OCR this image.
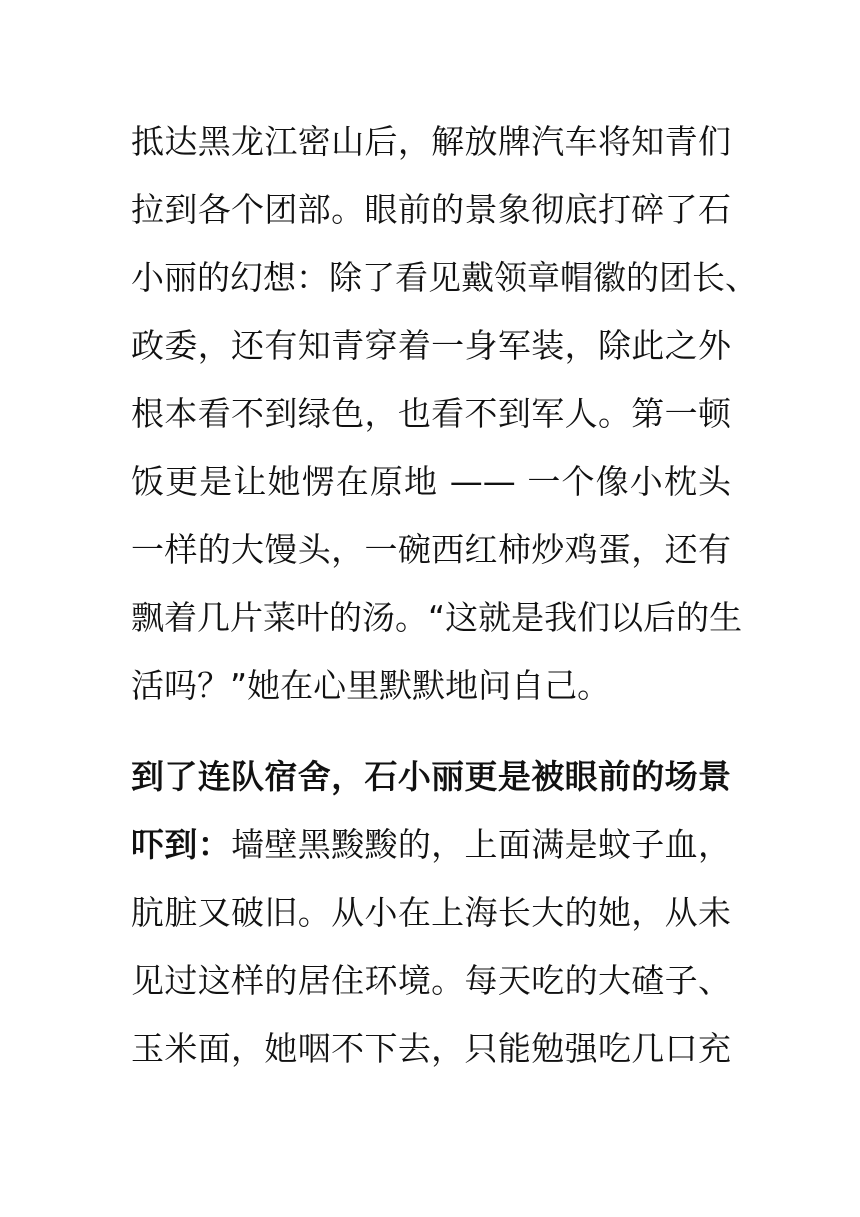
抵达黑龙江密山后，解放牌汽车将知青们
拉到各个团部。眼前的景象彻底打碎了石
小丽的幻想：除了看见戴领章帽徽的团长、
政委，还有知青穿着一身军装，除此之外
根本看不到绿色，也看不到军人。第一顿
饭更是让她愣在原地 —— 一个像小枕头
一样的大馒头，一碗西红柿炒鸡蛋，还有
飘着几片菜叶的汤。“这就是我们以后的生
活吗？”她在心里默默地问自己。
到了连队宿舍，石小丽更是被眼前的场景
吓到：墙壁黑黢黢的，上面满是蚊子血，
肮脏又破旧。从小在上海长大的她，从未
见过这样的居住环境。每天吃的大碴子、
玉米面，她咽不下去，只能勉强吃几口充
